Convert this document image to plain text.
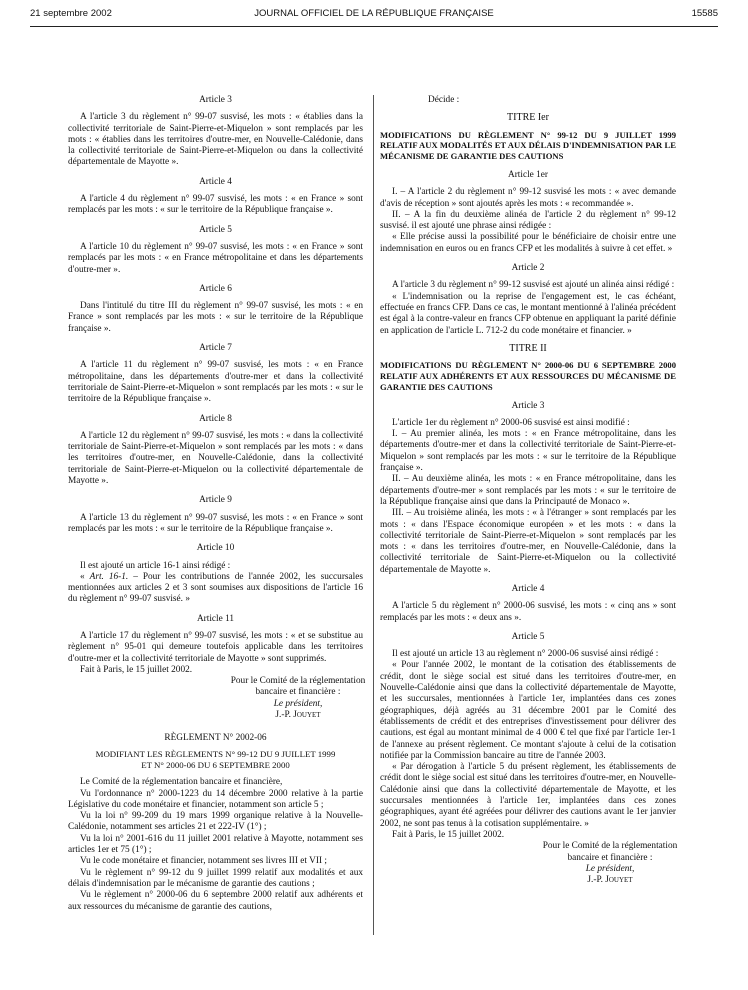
21 septembre 2002	JOURNAL OFFICIEL DE LA RÉPUBLIQUE FRANÇAISE	15585

Article 3

A l'article 3 du règlement n° 99-07 susvisé, les mots : « établies dans la collectivité territoriale de Saint-Pierre-et-Miquelon » sont remplacés par les mots : « établies dans les territoires d'outre-mer, en Nouvelle-Calédonie, dans la collectivité territoriale de Saint-Pierre-et-Miquelon ou dans la collectivité départementale de Mayotte ».

Article 4

A l'article 4 du règlement n° 99-07 susvisé, les mots : « en France » sont remplacés par les mots : « sur le territoire de la République française ».

Article 5

A l'article 10 du règlement n° 99-07 susvisé, les mots : « en France » sont remplacés par les mots : « en France métropolitaine et dans les départements d'outre-mer ».

Article 6

Dans l'intitulé du titre III du règlement n° 99-07 susvisé, les mots : « en France » sont remplacés par les mots : « sur le territoire de la République française ».

Article 7

A l'article 11 du règlement n° 99-07 susvisé, les mots : « en France métropolitaine, dans les départements d'outre-mer et dans la collectivité territoriale de Saint-Pierre-et-Miquelon » sont remplacés par les mots : « sur le territoire de la République française ».

Article 8

A l'article 12 du règlement n° 99-07 susvisé, les mots : « dans la collectivité territoriale de Saint-Pierre-et-Miquelon » sont remplacés par les mots : « dans les territoires d'outre-mer, en Nouvelle-Calédonie, dans la collectivité territoriale de Saint-Pierre-et-Miquelon ou la collectivité départementale de Mayotte ».

Article 9

A l'article 13 du règlement n° 99-07 susvisé, les mots : « en France » sont remplacés par les mots : « sur le territoire de la République française ».

Article 10

Il est ajouté un article 16-1 ainsi rédigé :

« Art. 16-1. – Pour les contributions de l'année 2002, les succursales mentionnées aux articles 2 et 3 sont soumises aux dispositions de l'article 16 du règlement n° 99-07 susvisé. »

Article 11

A l'article 17 du règlement n° 99-07 susvisé, les mots : « et se substitue au règlement n° 95-01 qui demeure toutefois applicable dans les territoires d'outre-mer et la collectivité territoriale de Mayotte » sont supprimés.

Fait à Paris, le 15 juillet 2002.

Pour le Comité de la réglementation

bancaire et financière :

Le président,

J.-P. Jouyet

RÈGLEMENT N° 2002-06

MODIFIANT LES RÈGLEMENTS N° 99-12 DU 9 JUILLET 1999

ET N° 2000-06 DU 6 SEPTEMBRE 2000

Le Comité de la réglementation bancaire et financière,

Vu l'ordonnance n° 2000-1223 du 14 décembre 2000 relative à la partie Législative du code monétaire et financier, notamment son article 5 ;

Vu la loi n° 99-209 du 19 mars 1999 organique relative à la Nouvelle-Calédonie, notamment ses articles 21 et 222-IV (1°) ;

Vu la loi n° 2001-616 du 11 juillet 2001 relative à Mayotte, notamment ses articles 1er et 75 (1°) ;

Vu le code monétaire et financier, notamment ses livres III et VII ;

Vu le règlement n° 99-12 du 9 juillet 1999 relatif aux modalités et aux délais d'indemnisation par le mécanisme de garantie des cautions ;

Vu le règlement n° 2000-06 du 6 septembre 2000 relatif aux adhérents et aux ressources du mécanisme de garantie des cautions,

Décide :

TITRE Ier

MODIFICATIONS DU RÈGLEMENT N° 99-12 DU 9 JUILLET 1999 RELATIF AUX MODALITÉS ET AUX DÉLAIS D'INDEMNISATION PAR LE MÉCANISME DE GARANTIE DES CAUTIONS

Article 1er

I. – A l'article 2 du règlement n° 99-12 susvisé les mots : « avec demande d'avis de réception » sont ajoutés après les mots : « recommandée ».

II. – A la fin du deuxième alinéa de l'article 2 du règlement n° 99-12 susvisé. il est ajouté une phrase ainsi rédigée :

« Elle précise aussi la possibilité pour le bénéficiaire de choisir entre une indemnisation en euros ou en francs CFP et les modalités à suivre à cet effet. »

Article 2

A l'article 3 du règlement n° 99-12 susvisé est ajouté un alinéa ainsi rédigé :

« L'indemnisation ou la reprise de l'engagement est, le cas échéant, effectuée en francs CFP. Dans ce cas, le montant mentionné à l'alinéa précédent est égal à la contre-valeur en francs CFP obtenue en appliquant la parité définie en application de l'article L. 712-2 du code monétaire et financier. »

TITRE II

MODIFICATIONS DU RÈGLEMENT N° 2000-06 DU 6 SEPTEMBRE 2000 RELATIF AUX ADHÉRENTS ET AUX RESSOURCES DU MÉCANISME DE GARANTIE DES CAUTIONS

Article 3

L'article 1er du règlement n° 2000-06 susvisé est ainsi modifié :

I. – Au premier alinéa, les mots : « en France métropolitaine, dans les départements d'outre-mer et dans la collectivité territoriale de Saint-Pierre-et-Miquelon » sont remplacés par les mots : « sur le territoire de la République française ».

II. – Au deuxième alinéa, les mots : « en France métropolitaine, dans les départements d'outre-mer » sont remplacés par les mots : « sur le territoire de la République française ainsi que dans la Principauté de Monaco ».

III. – Au troisième alinéa, les mots : « à l'étranger » sont remplacés par les mots : « dans l'Espace économique européen » et les mots : « dans la collectivité territoriale de Saint-Pierre-et-Miquelon » sont remplacés par les mots : « dans les territoires d'outre-mer, en Nouvelle-Calédonie, dans la collectivité territoriale de Saint-Pierre-et-Miquelon ou la collectivité départementale de Mayotte ».

Article 4

A l'article 5 du règlement n° 2000-06 susvisé, les mots : « cinq ans » sont remplacés par les mots : « deux ans ».

Article 5

Il est ajouté un article 13 au règlement n° 2000-06 susvisé ainsi rédigé :

« Pour l'année 2002, le montant de la cotisation des établissements de crédit, dont le siège social est situé dans les territoires d'outre-mer, en Nouvelle-Calédonie ainsi que dans la collectivité départementale de Mayotte, et les succursales, mentionnées à l'article 1er, implantées dans ces zones géographiques, déjà agréés au 31 décembre 2001 par le Comité des établissements de crédit et des entreprises d'investissement pour délivrer des cautions, est égal au montant minimal de 4 000 € tel que fixé par l'article 1er-1 de l'annexe au présent règlement. Ce montant s'ajoute à celui de la cotisation notifiée par la Commission bancaire au titre de l'année 2003.

« Par dérogation à l'article 5 du présent règlement, les établissements de crédit dont le siège social est situé dans les territoires d'outre-mer, en Nouvelle-Calédonie ainsi que dans la collectivité départementale de Mayotte, et les succursales mentionnées à l'article 1er, implantées dans ces zones géographiques, ayant été agréées pour délivrer des cautions avant le 1er janvier 2002, ne sont pas tenus à la cotisation supplémentaire. »

Fait à Paris, le 15 juillet 2002.

Pour le Comité de la réglementation

bancaire et financière :

Le président,

J.-P. Jouyet
